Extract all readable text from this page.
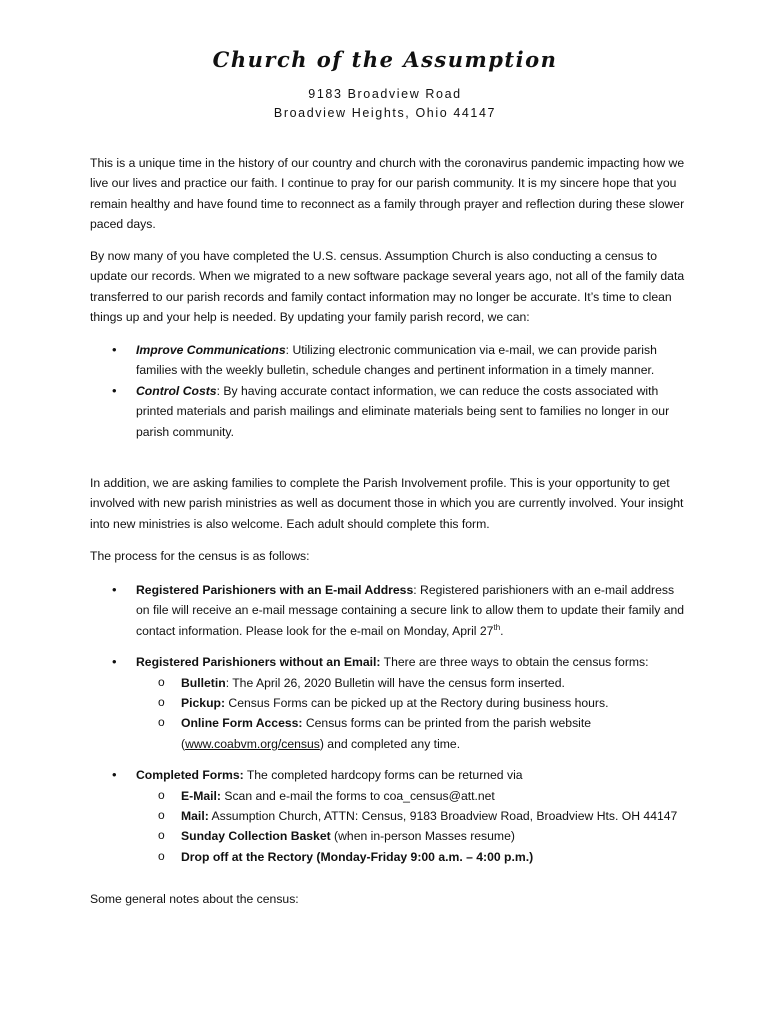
Church of the Assumption
9183 Broadview Road
Broadview Heights, Ohio 44147
This is a unique time in the history of our country and church with the coronavirus pandemic impacting how we live our lives and practice our faith. I continue to pray for our parish community. It is my sincere hope that you remain healthy and have found time to reconnect as a family through prayer and reflection during these slower paced days.
By now many of you have completed the U.S. census. Assumption Church is also conducting a census to update our records. When we migrated to a new software package several years ago, not all of the family data transferred to our parish records and family contact information may no longer be accurate. It’s time to clean things up and your help is needed. By updating your family parish record, we can:
• Improve Communications: Utilizing electronic communication via e-mail, we can provide parish families with the weekly bulletin, schedule changes and pertinent information in a timely manner.
• Control Costs: By having accurate contact information, we can reduce the costs associated with printed materials and parish mailings and eliminate materials being sent to families no longer in our parish community.
In addition, we are asking families to complete the Parish Involvement profile. This is your opportunity to get involved with new parish ministries as well as document those in which you are currently involved. Your insight into new ministries is also welcome. Each adult should complete this form.
The process for the census is as follows:
• Registered Parishioners with an E-mail Address: Registered parishioners with an e-mail address on file will receive an e-mail message containing a secure link to allow them to update their family and contact information. Please look for the e-mail on Monday, April 27th.
• Registered Parishioners without an Email: There are three ways to obtain the census forms:
o Bulletin: The April 26, 2020 Bulletin will have the census form inserted.
o Pickup: Census Forms can be picked up at the Rectory during business hours.
o Online Form Access: Census forms can be printed from the parish website (www.coabvm.org/census) and completed any time.
• Completed Forms: The completed hardcopy forms can be returned via
o E-Mail: Scan and e-mail the forms to coa_census@att.net
o Mail: Assumption Church, ATTN: Census, 9183 Broadview Road, Broadview Hts. OH 44147
o Sunday Collection Basket (when in-person Masses resume)
o Drop off at the Rectory (Monday-Friday 9:00 a.m. – 4:00 p.m.)
Some general notes about the census:
